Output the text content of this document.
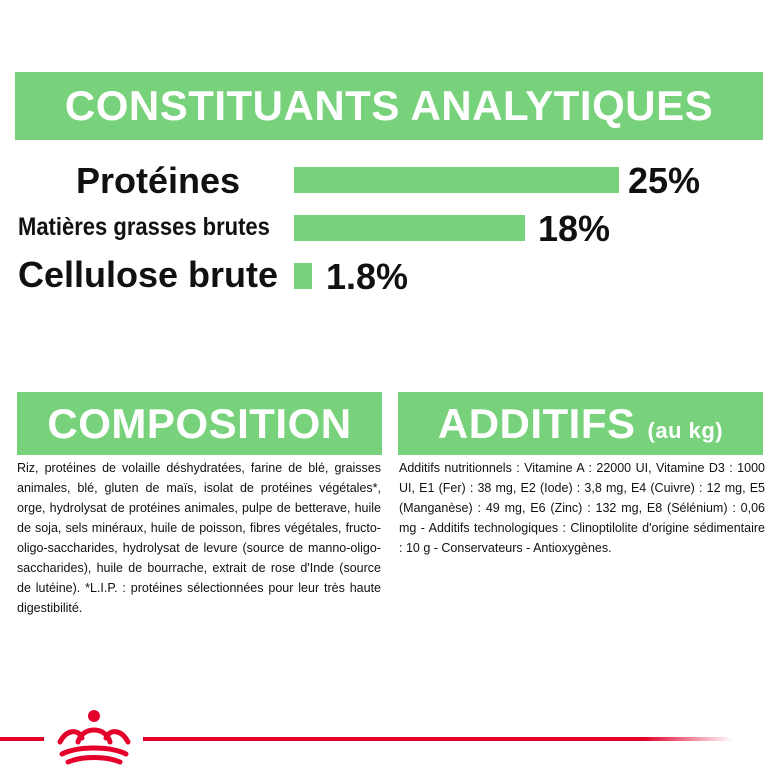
CONSTITUANTS ANALYTIQUES
Protéines	25%
Matières grasses brutes	18%
Cellulose brute 1.8%
COMPOSITION ADDITIFS (au kg)
Riz, protéines de volaille déshydratées, farine de blé, graisses animales, blé, gluten de maïs, isolat de protéines végétales*, orge, hydrolysat de protéines animales, pulpe de betterave, huile de soja, sels minéraux, huile de poisson, fibres végétales, fructo-oligo-saccharides, hydrolysat de levure (source de manno-oligo-saccharides), huile de bourrache, extrait de rose d'Inde (source de lutéine). *L.I.P. : protéines sélectionnées pour leur très haute digestibilité.
Additifs nutritionnels : Vitamine A : 22000 UI, Vitamine D3 : 1000 UI, E1 (Fer) : 38 mg, E2 (Iode) : 3,8 mg, E4 (Cuivre) : 12 mg, E5 (Manganèse) : 49 mg, E6 (Zinc) : 132 mg, E8 (Sélénium) : 0,06 mg - Additifs technologiques : Clinoptilolite d'origine sédimentaire : 10 g - Conservateurs - Antioxygènes.
